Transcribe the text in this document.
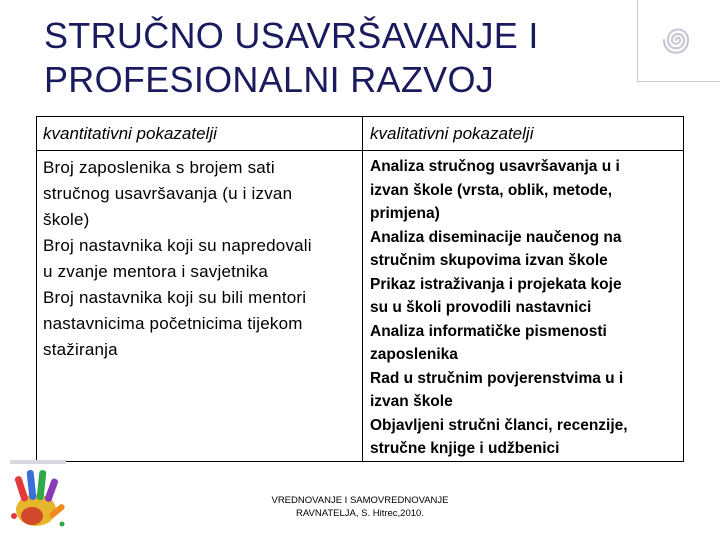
STRUČNO USAVRŠAVANJE I
PROFESIONALNI RAZVOJ
kvantitativni pokazatelji	kvalitativni pokazatelji
Broj zaposlenika s brojem sati
stručnog usavršavanja (u i izvan
škole)
Broj nastavnika koji su napredovali
u zvanje mentora i savjetnika
Broj nastavnika koji su bili mentori
nastavnicima početnicima tijekom
stažiranja
Analiza stručnog usavršavanja u i
izvan škole (vrsta, oblik, metode,
primjena)
Analiza diseminacije naučenog na
stručnim skupovima izvan škole
Prikaz istraživanja i projekata koje
su u školi provodili nastavnici
Analiza informatičke pismenosti
zaposlenika
Rad u stručnim povjerenstvima u i
izvan škole
Objavljeni stručni članci, recenzije,
stručne knjige i udžbenici
VREDNOVANJE I SAMOVREDNOVANJE
RAVNATELJA, S. Hitrec,2010.
